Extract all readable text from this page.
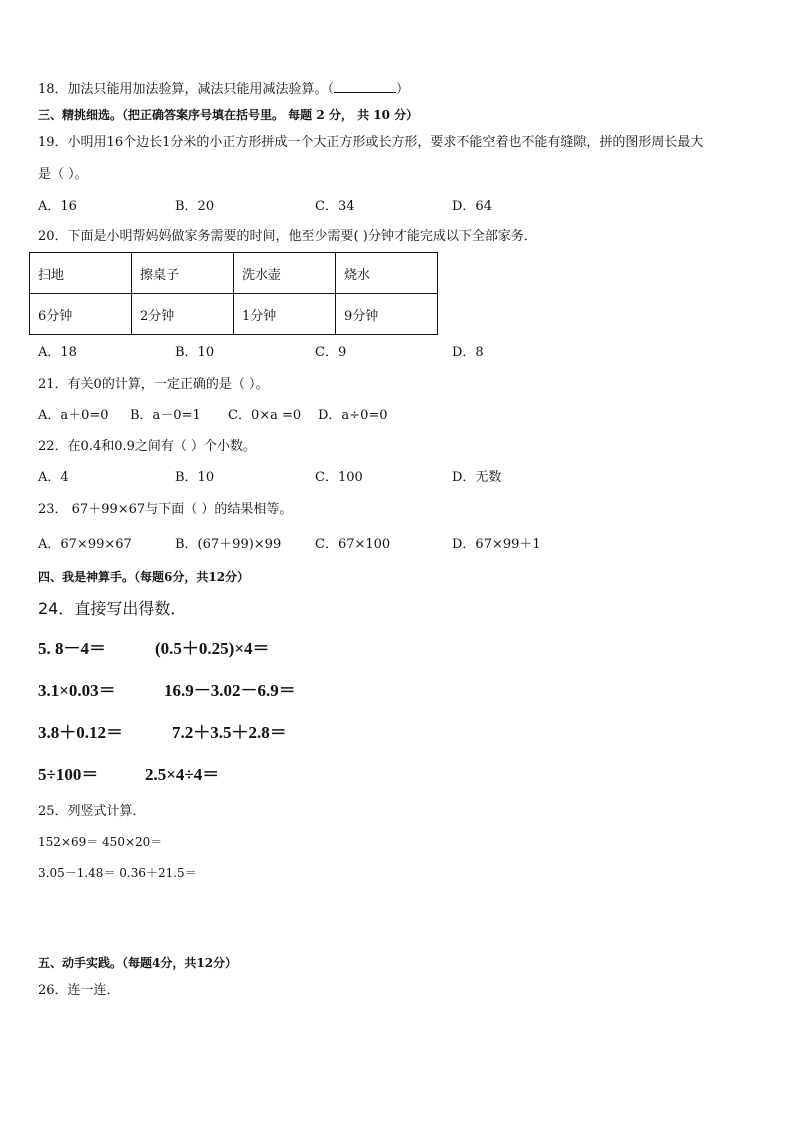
18．加法只能用加法验算，减法只能用减法验算。（	）
三、精挑细选。（把正确答案序号填在括号里。 每题 2 分， 共 10 分）
19．小明用16个边长1分米的小正方形拼成一个大正方形或长方形，要求不能空着也不能有缝隙，拼的图形周长最大
是（ ）。
A．16	B．20	C．34	D．64
20．下面是小明帮妈妈做家务需要的时间，他至少需要( )分钟才能完成以下全部家务．
扫地	擦桌子	洗水壶	烧水
6分钟	2分钟	1分钟	9分钟
A．18	B．10	C．9	D．8
21．有关0的计算，一定正确的是（ ）。
A．a＋0=0 B．a－0=1 C．0×a =0 D．a÷0=0
22．在0.4和0.9之间有（ ）个小数。
A．4	B．10	C．100	D．无数
23． 67＋99×67与下面（ ）的结果相等。
A．67×99×67	B．(67＋99)×99	C．67×100	D．67×99＋1
四、我是神算手。（每题6分，共12分）
24．直接写出得数．
5. 8－4＝	(0.5＋0.25)×4＝
3.1×0.03＝	16.9－3.02－6.9＝
3.8＋0.12＝	7.2＋3.5＋2.8＝
5÷100＝	2.5×4÷4＝
25．列竖式计算．
152×69＝ 450×20＝
3.05－1.48＝ 0.36＋21.5＝
五、动手实践。（每题4分，共12分）
26．连一连．
